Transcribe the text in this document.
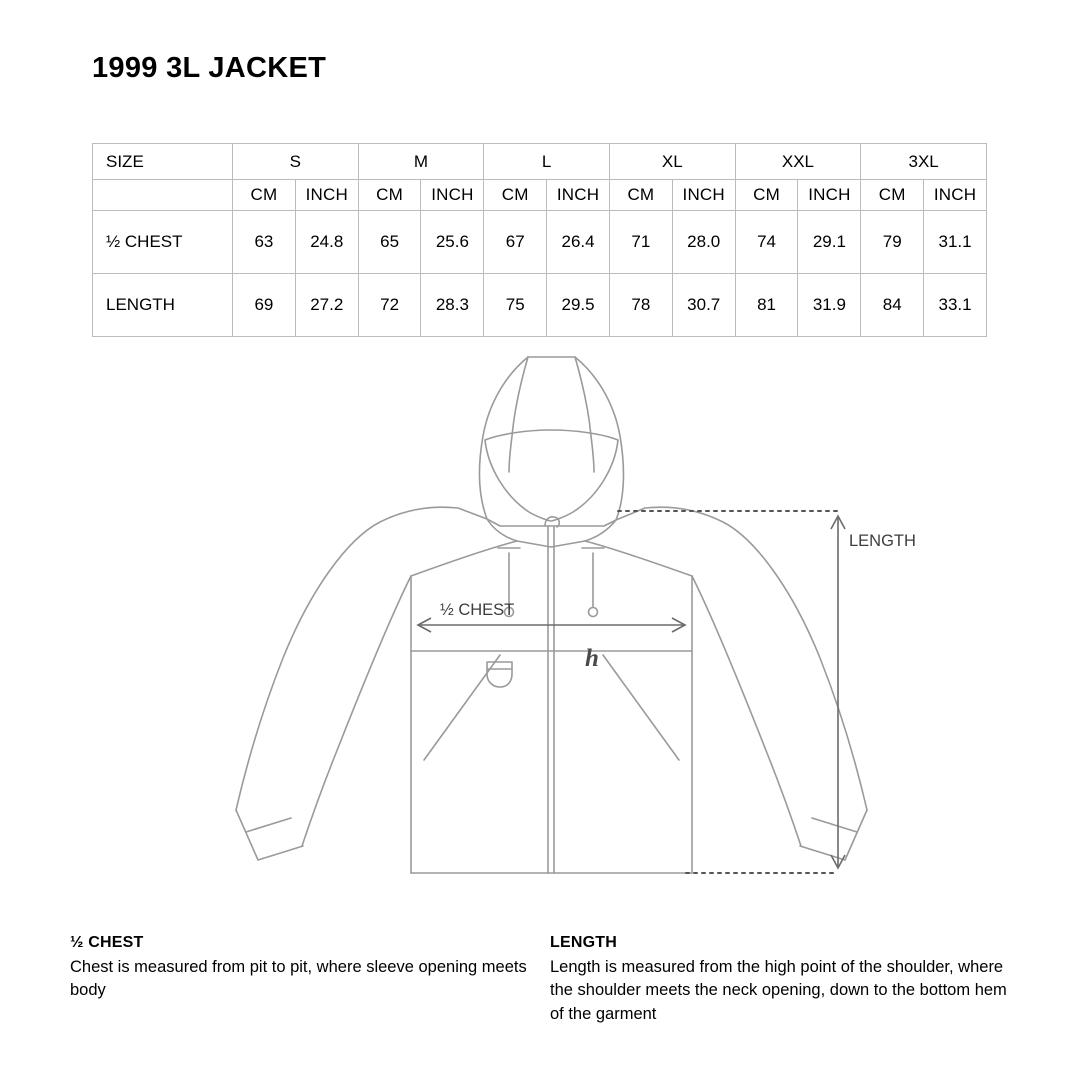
1999 3L JACKET
SIZE	S		M		L		XL		XXL		3XL	
	CM	INCH	CM	INCH	CM	INCH	CM	INCH	CM	INCH	CM	INCH
½ CHEST	63	24.8	65	25.6	67	26.4	71	28.0	74	29.1	79	31.1
LENGTH	69	27.2	72	28.3	75	29.5	78	30.7	81	31.9	84	33.1
h
½ CHEST
LENGTH
½ CHEST
Chest is measured from pit to pit, where sleeve opening meets body
LENGTH
Length is measured from the high point of the shoulder, where the shoulder meets the neck opening, down to the bottom hem of the garment
